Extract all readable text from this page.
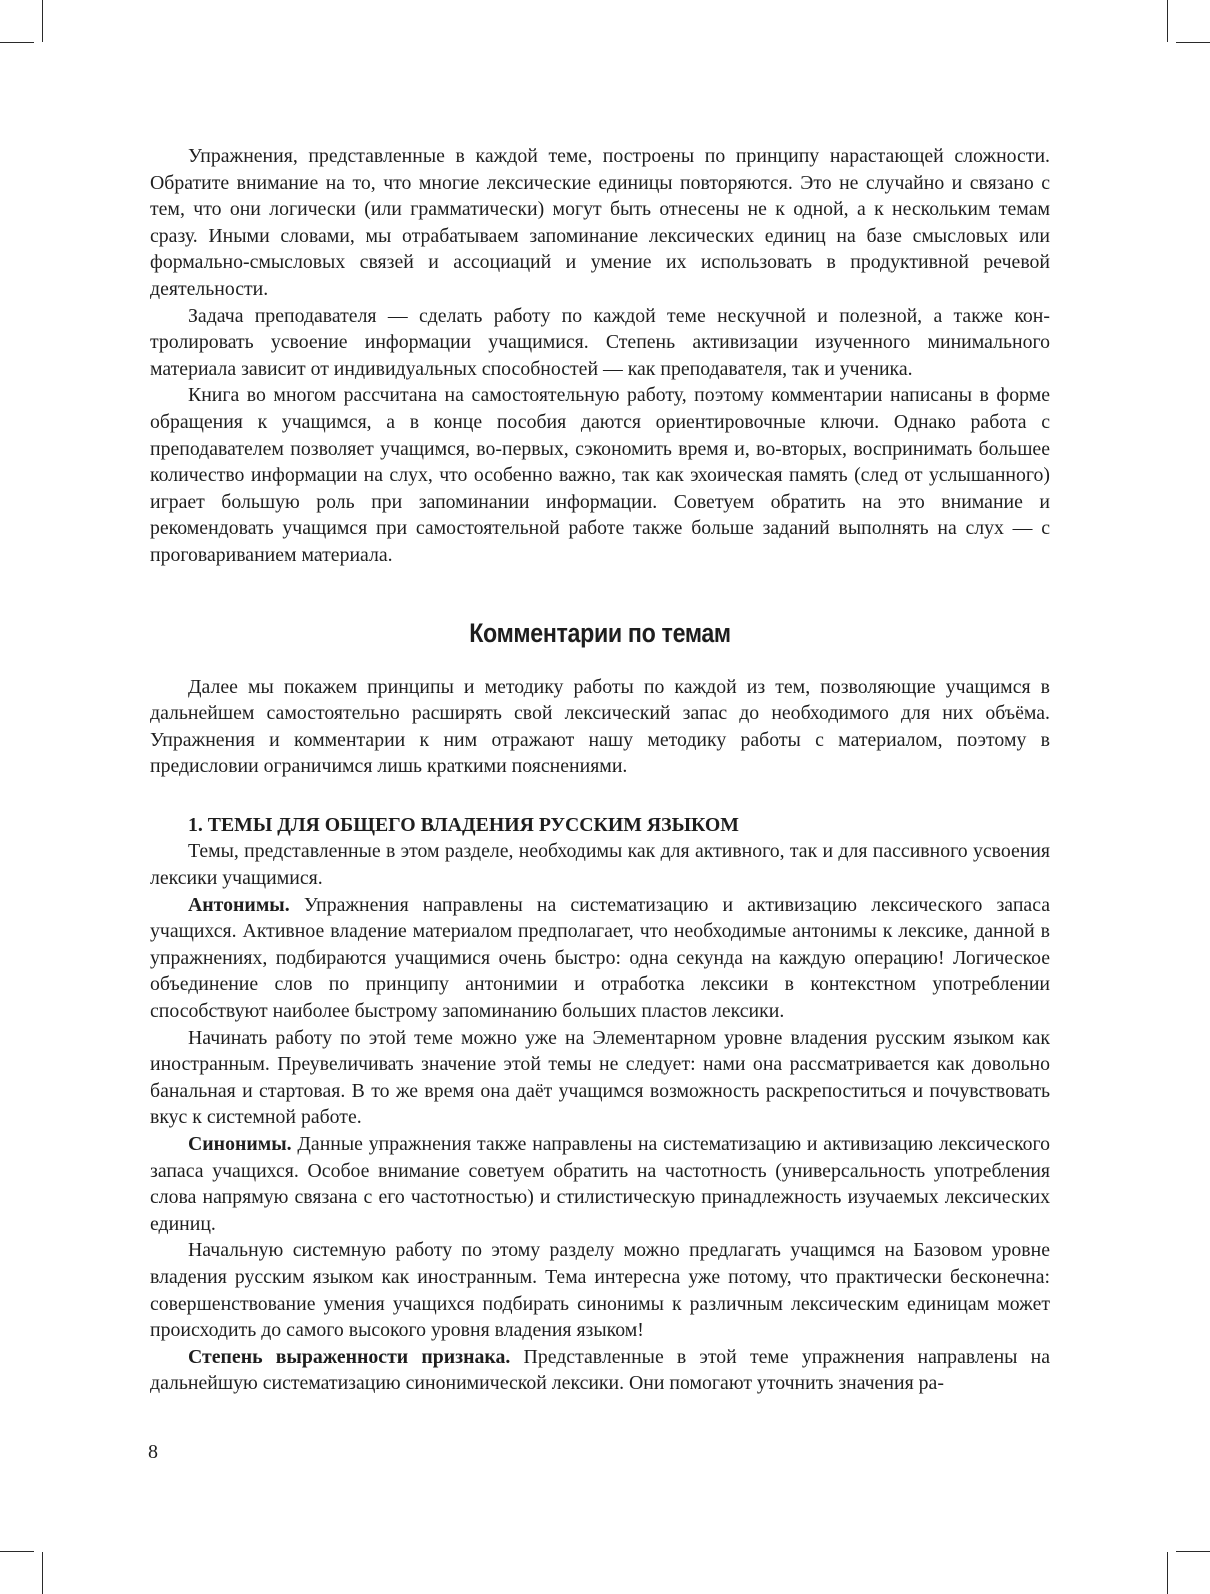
Упражнения, представленные в каждой теме, построены по принципу нарастающей сложности. Обратите внимание на то, что многие лексические единицы повторяются. Это не случайно и связано с тем, что они логически (или грамматически) могут быть отнесены не к одной, а к нескольким темам сразу. Иными словами, мы отрабатываем запоминание лексических единиц на базе смысловых или формально-смысловых связей и ассоциаций и умение их использовать в продуктивной речевой деятельности.

Задача преподавателя — сделать работу по каждой теме нескучной и полезной, а также контролировать усвоение информации учащимися. Степень активизации изученного минимального материала зависит от индивидуальных способностей — как преподавателя, так и ученика.

Книга во многом рассчитана на самостоятельную работу, поэтому комментарии написаны в форме обращения к учащимся, а в конце пособия даются ориентировочные ключи. Однако работа с преподавателем позволяет учащимся, во-первых, сэкономить время и, во-вторых, воспринимать большее количество информации на слух, что особенно важно, так как эхоическая память (след от услышанного) играет большую роль при запоминании информации. Советуем обратить на это внимание и рекомендовать учащимся при самостоятельной работе также больше заданий выполнять на слух — с проговариванием материала.

Комментарии по темам

Далее мы покажем принципы и методику работы по каждой из тем, позволяющие учащимся в дальнейшем самостоятельно расширять свой лексический запас до необходимого для них объёма. Упражнения и комментарии к ним отражают нашу методику работы с материалом, поэтому в предисловии ограничимся лишь краткими пояснениями.

1. ТЕМЫ ДЛЯ ОБЩЕГО ВЛАДЕНИЯ РУССКИМ ЯЗЫКОМ

Темы, представленные в этом разделе, необходимы как для активного, так и для пассивного усвоения лексики учащимися.

Антонимы. Упражнения направлены на систематизацию и активизацию лексического запаса учащихся. Активное владение материалом предполагает, что необходимые антонимы к лексике, данной в упражнениях, подбираются учащимися очень быстро: одна секунда на каждую операцию! Логическое объединение слов по принципу антонимии и отработка лексики в контекстном употреблении способствуют наиболее быстрому запоминанию больших пластов лексики.

Начинать работу по этой теме можно уже на Элементарном уровне владения русским языком как иностранным. Преувеличивать значение этой темы не следует: нами она рассматривается как довольно банальная и стартовая. В то же время она даёт учащимся возможность раскрепоститься и почувствовать вкус к системной работе.

Синонимы. Данные упражнения также направлены на систематизацию и активизацию лексического запаса учащихся. Особое внимание советуем обратить на частотность (универсальность употребления слова напрямую связана с его частотностью) и стилистическую принадлежность изучаемых лексических единиц.

Начальную системную работу по этому разделу можно предлагать учащимся на Базовом уровне владения русским языком как иностранным. Тема интересна уже потому, что практически бесконечна: совершенствование умения учащихся подбирать синонимы к различным лексическим единицам может происходить до самого высокого уровня владения языком!

Степень выраженности признака. Представленные в этой теме упражнения направлены на дальнейшую систематизацию синонимической лексики. Они помогают уточнить значения ра-

8
